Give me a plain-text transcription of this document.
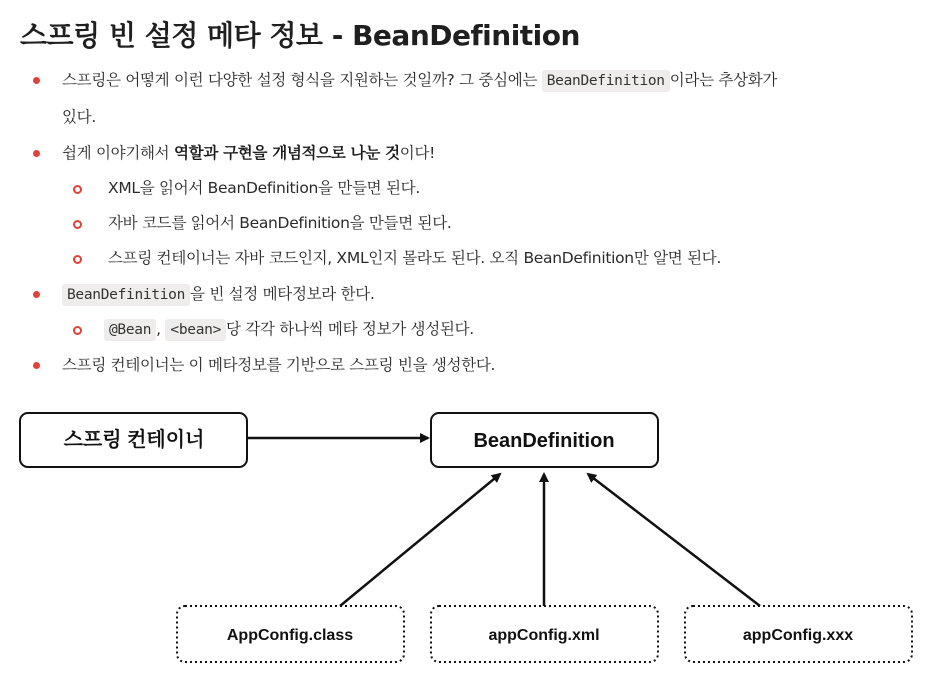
스프링 빈 설정 메타 정보 - BeanDefinition
스프링은 어떻게 이런 다양한 설정 형식을 지원하는 것일까? 그 중심에는 BeanDefinition 이라는 추상화가
있다.
쉽게 이야기해서 역할과 구현을 개념적으로 나눈 것이다!
XML을 읽어서 BeanDefinition을 만들면 된다.
자바 코드를 읽어서 BeanDefinition을 만들면 된다.
스프링 컨테이너는 자바 코드인지, XML인지 몰라도 된다. 오직 BeanDefinition만 알면 된다.
BeanDefinition 을 빈 설정 메타정보라 한다.
@Bean , <bean> 당 각각 하나씩 메타 정보가 생성된다.
스프링 컨테이너는 이 메타정보를 기반으로 스프링 빈을 생성한다.
스프링 컨테이너	BeanDefinition
AppConfig.class	appConfig.xml	appConfig.xxx
